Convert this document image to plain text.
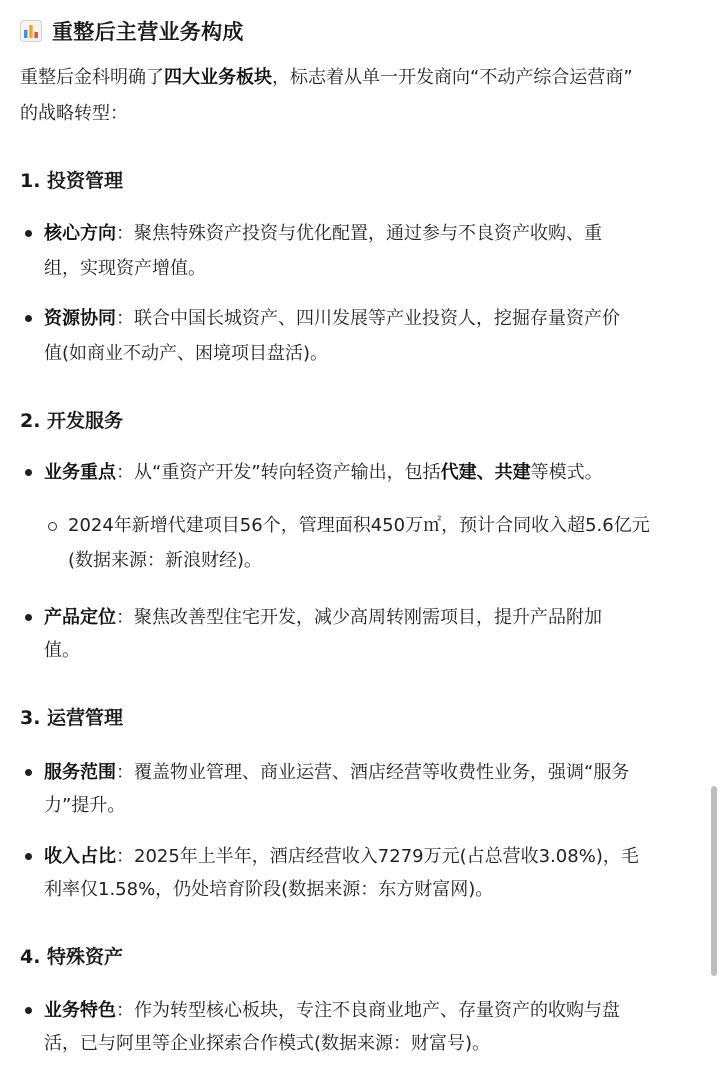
重整后主营业务构成
重整后金科明确了四大业务板块，标志着从单一开发商向“不动产综合运营商”
的战略转型：
1. 投资管理
核心方向：聚焦特殊资产投资与优化配置，通过参与不良资产收购、重
组，实现资产增值。
资源协同：联合中国长城资产、四川发展等产业投资人，挖掘存量资产价
值(如商业不动产、困境项目盘活)。
2. 开发服务
业务重点：从“重资产开发”转向轻资产输出，包括代建、共建等模式。
2024年新增代建项目56个，管理面积450万㎡，预计合同收入超5.6亿元
(数据来源：新浪财经)。
产品定位：聚焦改善型住宅开发，减少高周转刚需项目，提升产品附加
值。
3. 运营管理
服务范围：覆盖物业管理、商业运营、酒店经营等收费性业务，强调“服务
力”提升。
收入占比：2025年上半年，酒店经营收入7279万元(占总营收3.08%)，毛
利率仅1.58%，仍处培育阶段(数据来源：东方财富网)。
4. 特殊资产
业务特色：作为转型核心板块，专注不良商业地产、存量资产的收购与盘
活，已与阿里等企业探索合作模式(数据来源：财富号)。
